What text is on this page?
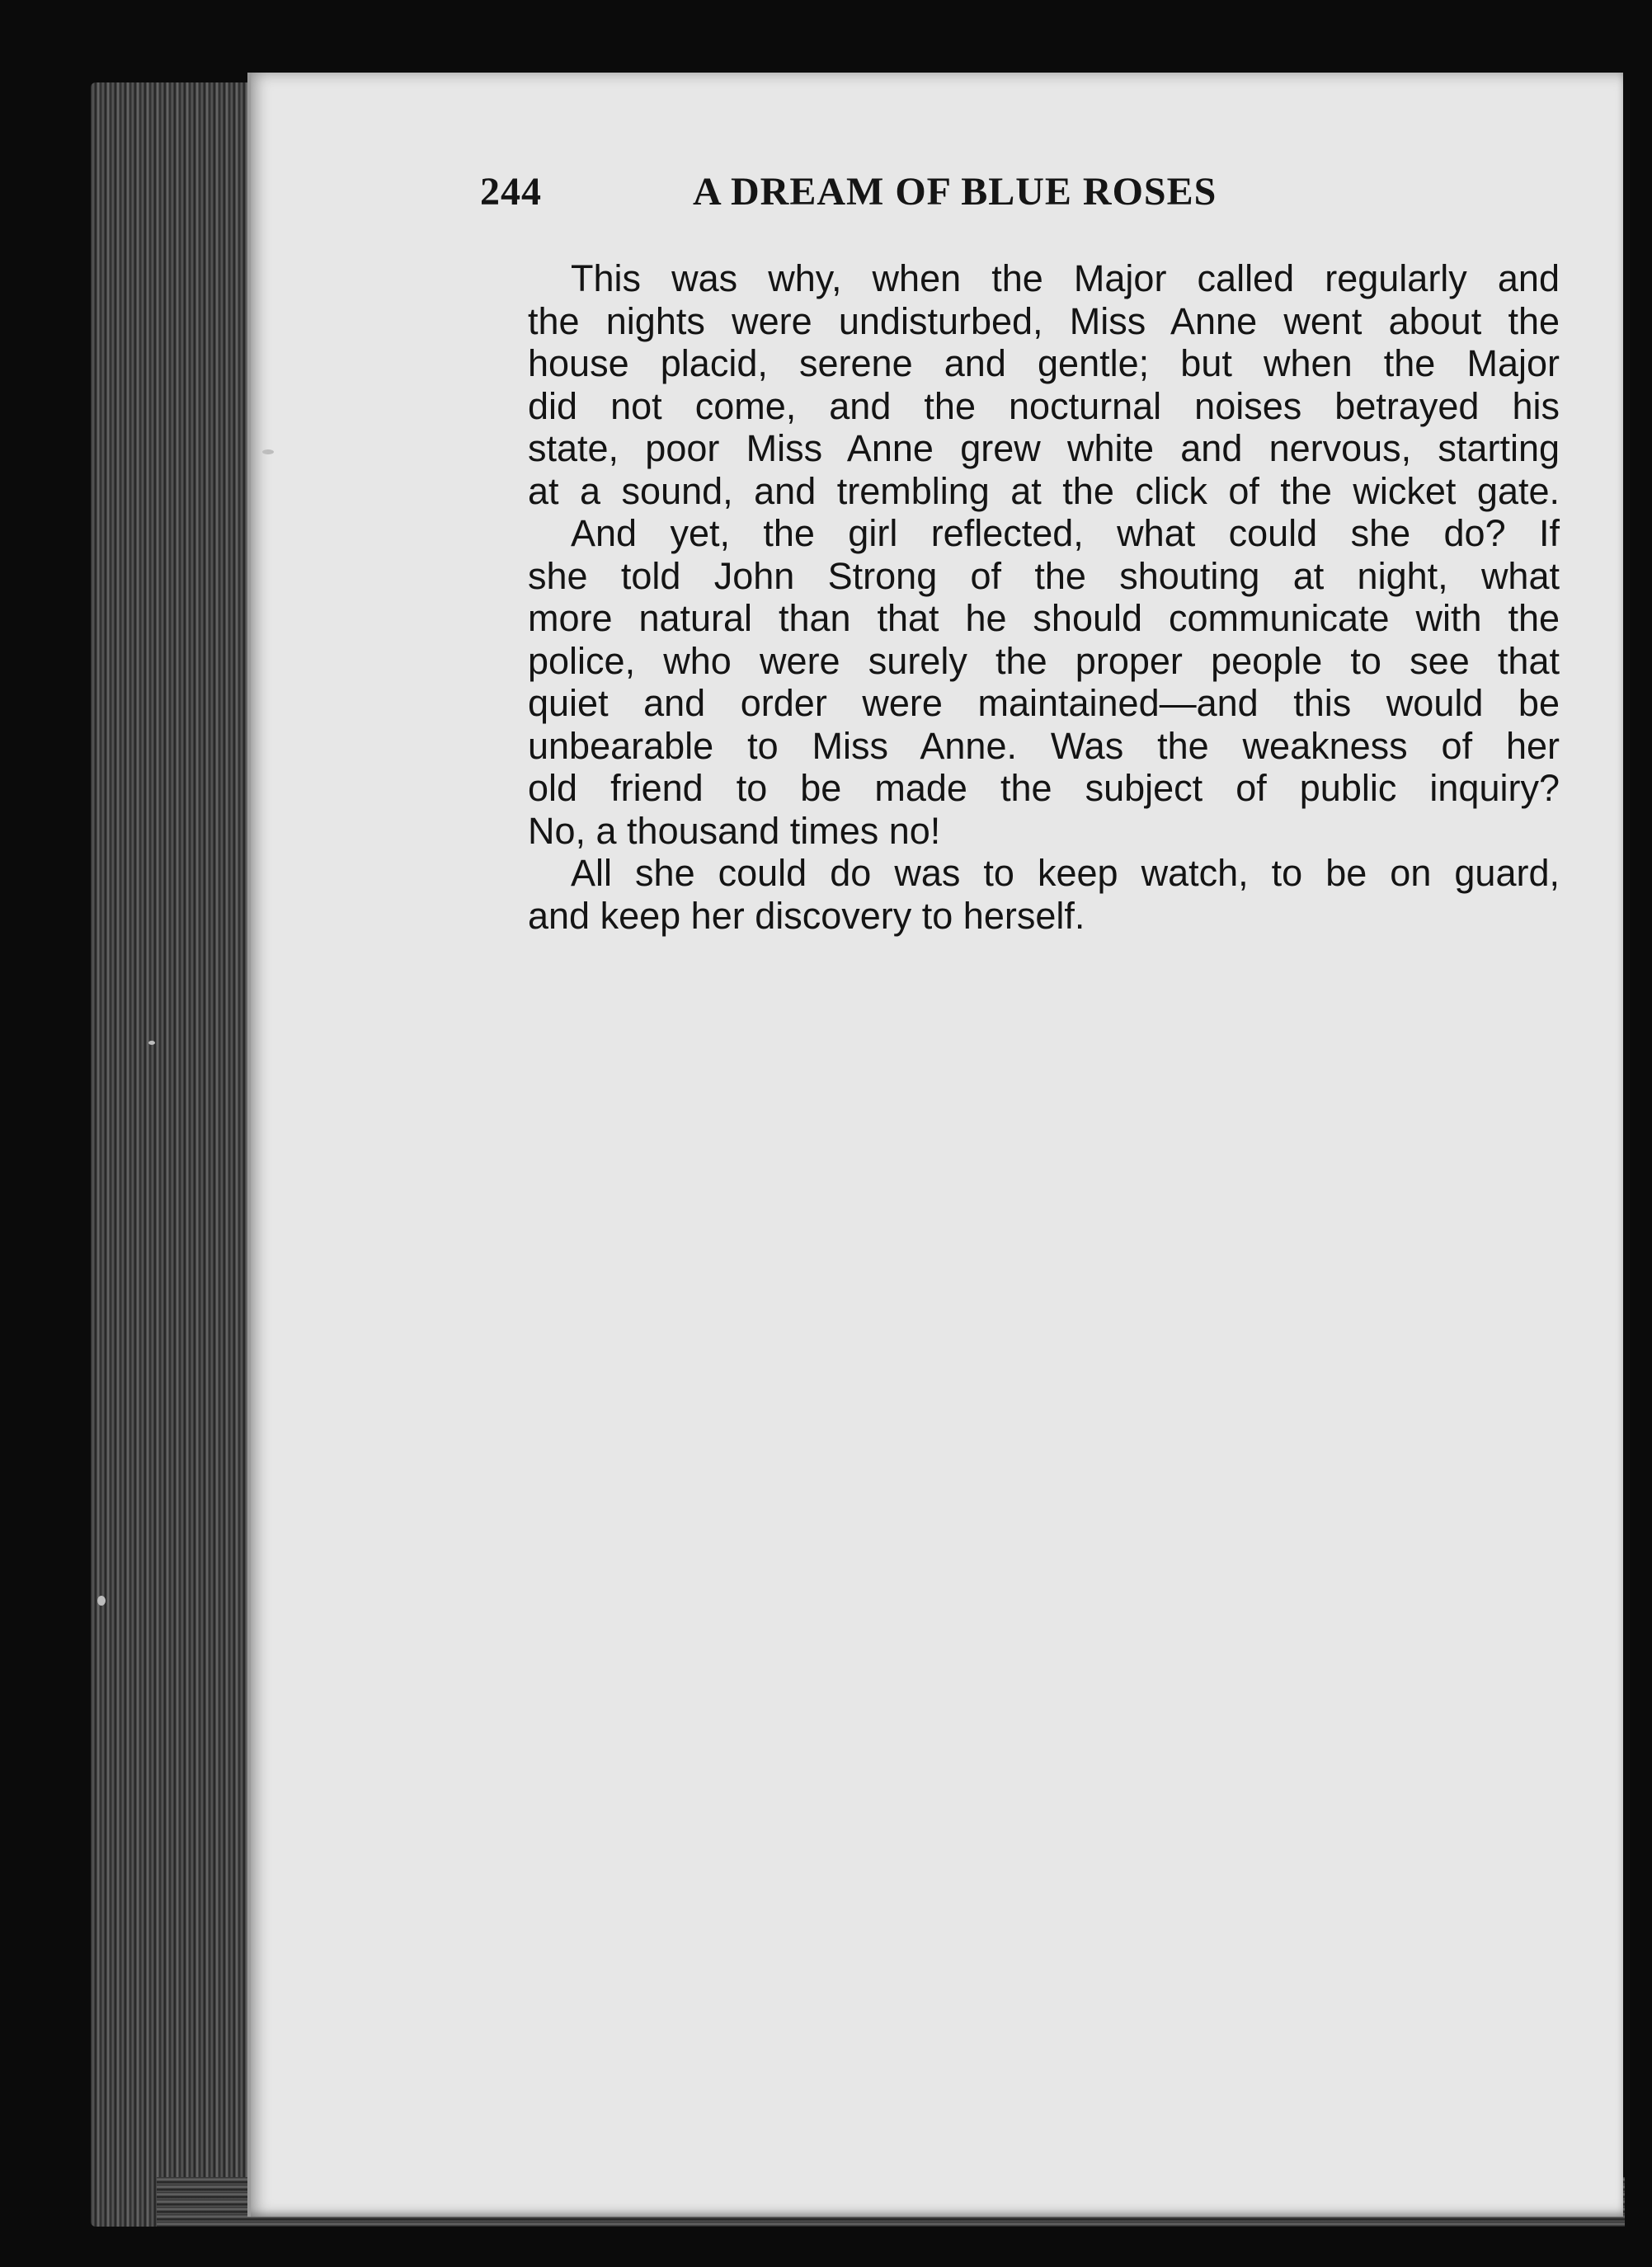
244	A DREAM OF BLUE ROSES
This was why, when the Major called regularly and
the nights were undisturbed, Miss Anne went about the
house placid, serene and gentle; but when the Major
did not come, and the nocturnal noises betrayed his
state, poor Miss Anne grew white and nervous, starting
at a sound, and trembling at the click of the wicket gate.
And yet, the girl reflected, what could she do? If
she told John Strong of the shouting at night, what
more natural than that he should communicate with the
police, who were surely the proper people to see that
quiet and order were maintained—and this would be
unbearable to Miss Anne. Was the weakness of her
old friend to be made the subject of public inquiry?
No, a thousand times no!
All she could do was to keep watch, to be on guard,
and keep her discovery to herself.
